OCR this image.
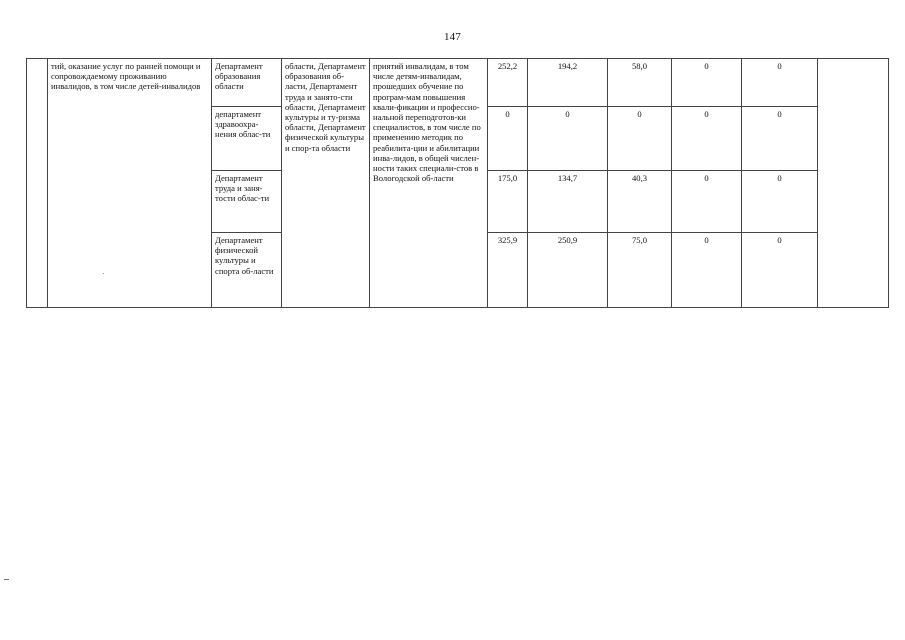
147
	тий, оказание услуг по ранней помощи и сопровождаемому проживанию инвалидов, в том числе детей-инвалидов	Департамент образования области	области, Департамент образования об-ласти, Департамент труда и занято-сти области, Департамент культуры и ту-ризма области, Департамент физической культуры и спор-та области	приятий инвалидам, в том числе детям-инвалидам, прошедших обучение по програм-мам повышения квали-фикации и профессио-нальной переподготов-ки специалистов, в том числе по применению методик по реабилита-ции и абилитации инва-лидов, в общей числен-ности таких специали-стов в Вологодской об-ласти	252,2	194,2	58,0	0	0	
		департамент здравоохра-нения облас-ти			0	0	0	0	0	
		Департамент труда и заня-тости облас-ти			175,0	134,7	40,3	0	0	
		Департамент физической культуры и спорта об-ласти			325,9	250,9	75,0	0	0	
